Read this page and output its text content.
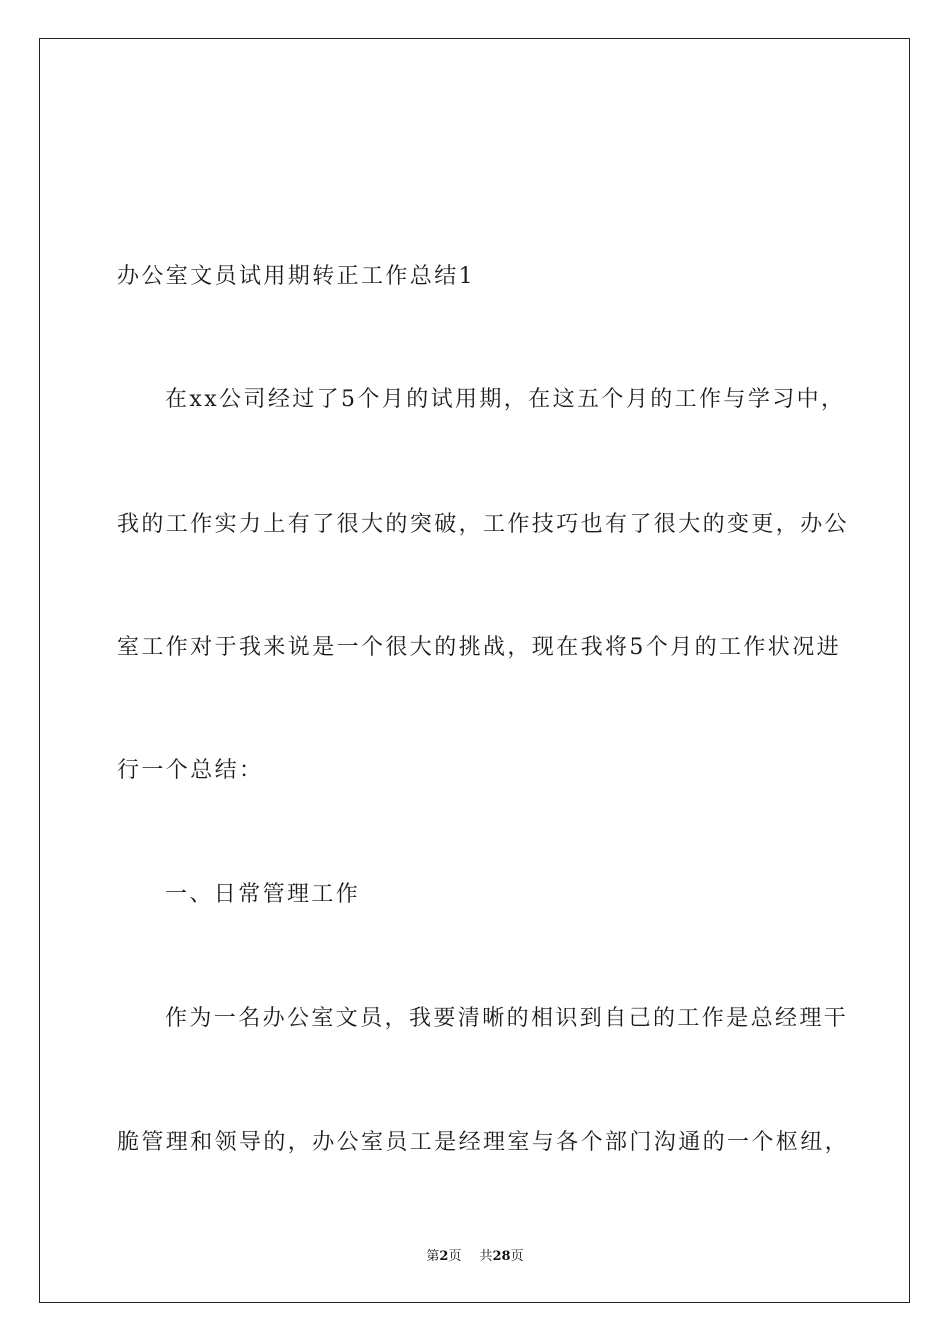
办公室文员试用期转正工作总结1
在xx公司经过了5个月的试用期，在这五个月的工作与学习中，
我的工作实力上有了很大的突破，工作技巧也有了很大的变更，办公
室工作对于我来说是一个很大的挑战，现在我将5个月的工作状况进
行一个总结：
一、日常管理工作
作为一名办公室文员，我要清晰的相识到自己的工作是总经理干
脆管理和领导的，办公室员工是经理室与各个部门沟通的一个枢纽，
第2页 共28页
